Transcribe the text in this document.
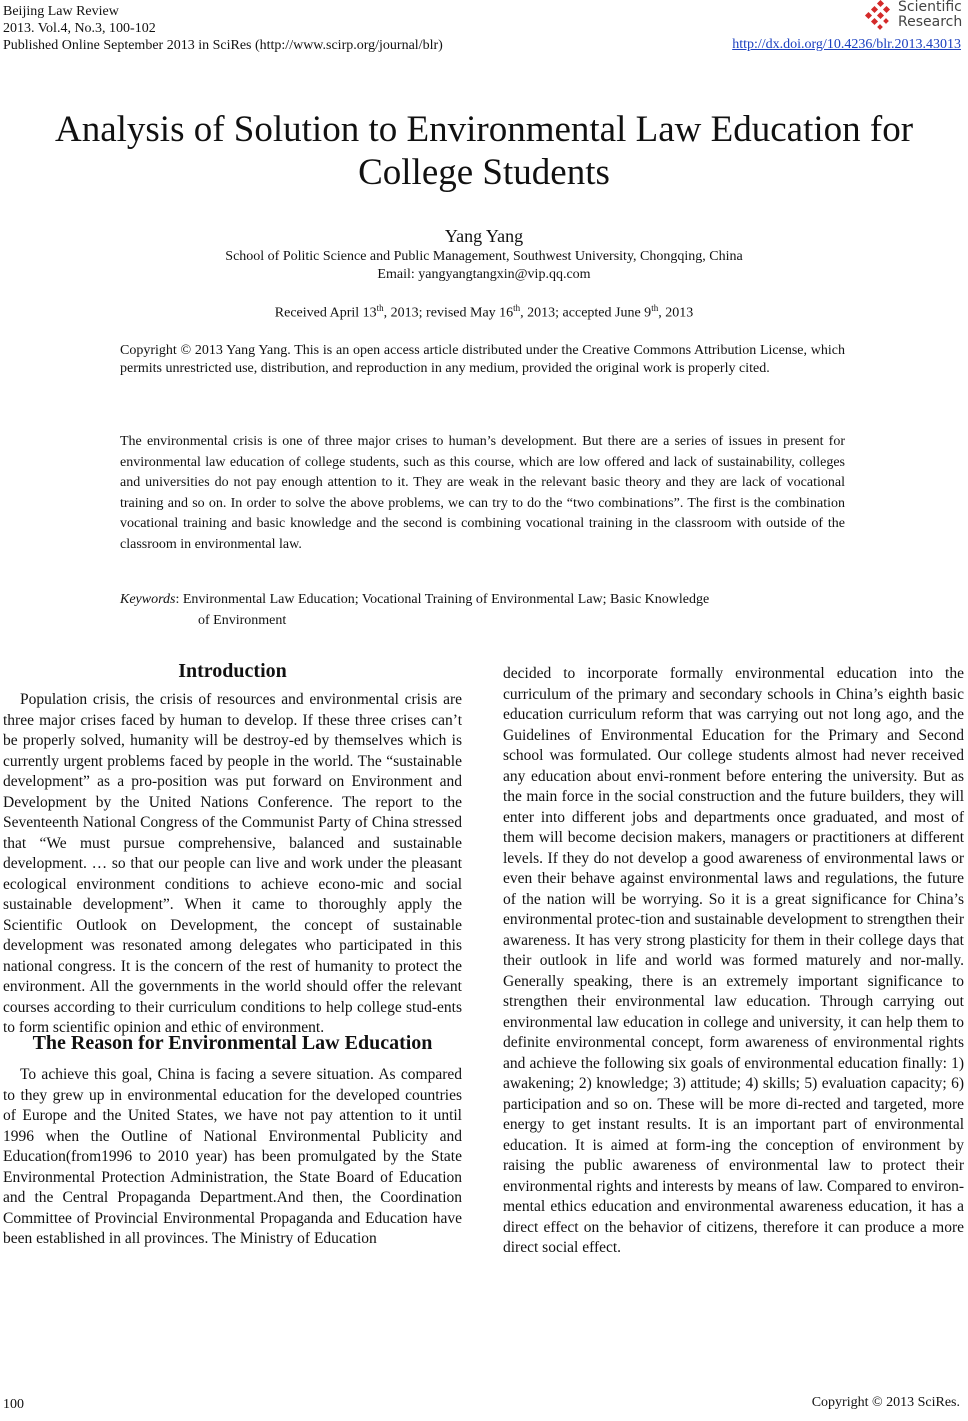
Beijing Law Review
2013. Vol.4, No.3, 100-102
Published Online September 2013 in SciRes (http://www.scirp.org/journal/blr)
Scientific
Research
http://dx.doi.org/10.4236/blr.2013.43013
Analysis of Solution to Environmental Law Education for
College Students
Yang Yang
School of Politic Science and Public Management, Southwest University, Chongqing, China
Email: yangyangtangxin@vip.qq.com
Received April 13th, 2013; revised May 16th, 2013; accepted June 9th, 2013
Copyright © 2013 Yang Yang. This is an open access article distributed under the Creative Commons Attribution License, which permits unrestricted use, distribution, and reproduction in any medium, provided the original work is properly cited.
The environmental crisis is one of three major crises to human’s development. But there are a series of issues in present for environmental law education of college students, such as this course, which are low offered and lack of sustainability, colleges and universities do not pay enough attention to it. They are weak in the relevant basic theory and they are lack of vocational training and so on. In order to solve the above problems, we can try to do the “two combinations”. The first is the combination vocational training and basic knowledge and the second is combining vocational training in the classroom with outside of the classroom in environmental law.
Keywords: Environmental Law Education; Vocational Training of Environmental Law; Basic Knowledge
of Environment
Introduction
Population crisis, the crisis of resources and environmental crisis are three major crises faced by human to develop. If these three crises can’t be properly solved, humanity will be destroy-ed by themselves which is currently urgent problems faced by people in the world. The “sustainable development” as a pro-position was put forward on Environment and Development by the United Nations Conference. The report to the Seventeenth National Congress of the Communist Party of China stressed that “We must pursue comprehensive, balanced and sustainable development. … so that our people can live and work under the pleasant ecological environment conditions to achieve econo-mic and social sustainable development”. When it came to thoroughly apply the Scientific Outlook on Development, the concept of sustainable development was resonated among delegates who participated in this national congress. It is the concern of the rest of humanity to protect the environment. All the governments in the world should offer the relevant courses according to their curriculum conditions to help college stud-ents to form scientific opinion and ethic of environment.
The Reason for Environmental Law Education
To achieve this goal, China is facing a severe situation. As compared to they grew up in environmental education for the developed countries of Europe and the United States, we have not pay attention to it until 1996 when the Outline of National Environmental Publicity and Education(from1996 to 2010 year) has been promulgated by the State Environmental Protection Administration, the State Board of Education and the Central Propaganda Department.And then, the Coordination Committee of Provincial Environmental Propaganda and Education have been established in all provinces. The Ministry of Education
decided to incorporate formally environmental education into the curriculum of the primary and secondary schools in China’s eighth basic education curriculum reform that was carrying out not long ago, and the Guidelines of Environmental Education for the Primary and Second school was formulated. Our college students almost had never received any education about envi-ronment before entering the university. But as the main force in the social construction and the future builders, they will enter into different jobs and departments once graduated, and most of them will become decision makers, managers or practitioners at different levels. If they do not develop a good awareness of environmental laws or even their behave against environmental laws and regulations, the future of the nation will be worrying. So it is a great significance for China’s environmental protec-tion and sustainable development to strengthen their awareness. It has very strong plasticity for them in their college days that their outlook in life and world was formed maturely and nor-mally. Generally speaking, there is an extremely important significance to strengthen their environmental law education. Through carrying out environmental law education in college and university, it can help them to definite environmental concept, form awareness of environmental rights and achieve the following six goals of environmental education finally: 1) awakening; 2) knowledge; 3) attitude; 4) skills; 5) evaluation capacity; 6) participation and so on. These will be more di-rected and targeted, more energy to get instant results. It is an important part of environmental education. It is aimed at form-ing the conception of environment by raising the public awareness of environmental law to protect their environmental rights and interests by means of law. Compared to environ-mental ethics education and environmental awareness education, it has a direct effect on the behavior of citizens, therefore it can produce a more direct social effect.
100	Copyright © 2013 SciRes.
